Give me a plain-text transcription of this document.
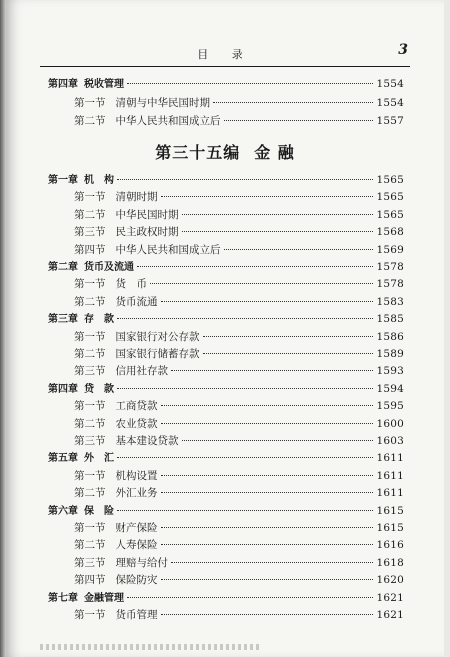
目 录	3
第三十五编 金 融
第四章 税收管理	1554
第一节 清朝与中华民国时期	1554
第二节 中华人民共和国成立后	1557
第一章 机　构	1565
第一节 清朝时期	1565
第二节 中华民国时期	1565
第三节 民主政权时期	1568
第四节 中华人民共和国成立后	1569
第二章 货币及流通	1578
第一节 货　币	1578
第二节 货币流通	1583
第三章 存　款	1585
第一节 国家银行对公存款	1586
第二节 国家银行储蓄存款	1589
第三节 信用社存款	1593
第四章 贷　款	1594
第一节 工商贷款	1595
第二节 农业贷款	1600
第三节 基本建设贷款	1603
第五章 外　汇	1611
第一节 机构设置	1611
第二节 外汇业务	1611
第六章 保　险	1615
第一节 财产保险	1615
第二节 人寿保险	1616
第三节 理赔与给付	1618
第四节 保险防灾	1620
第七章 金融管理	1621
第一节 货币管理	1621
